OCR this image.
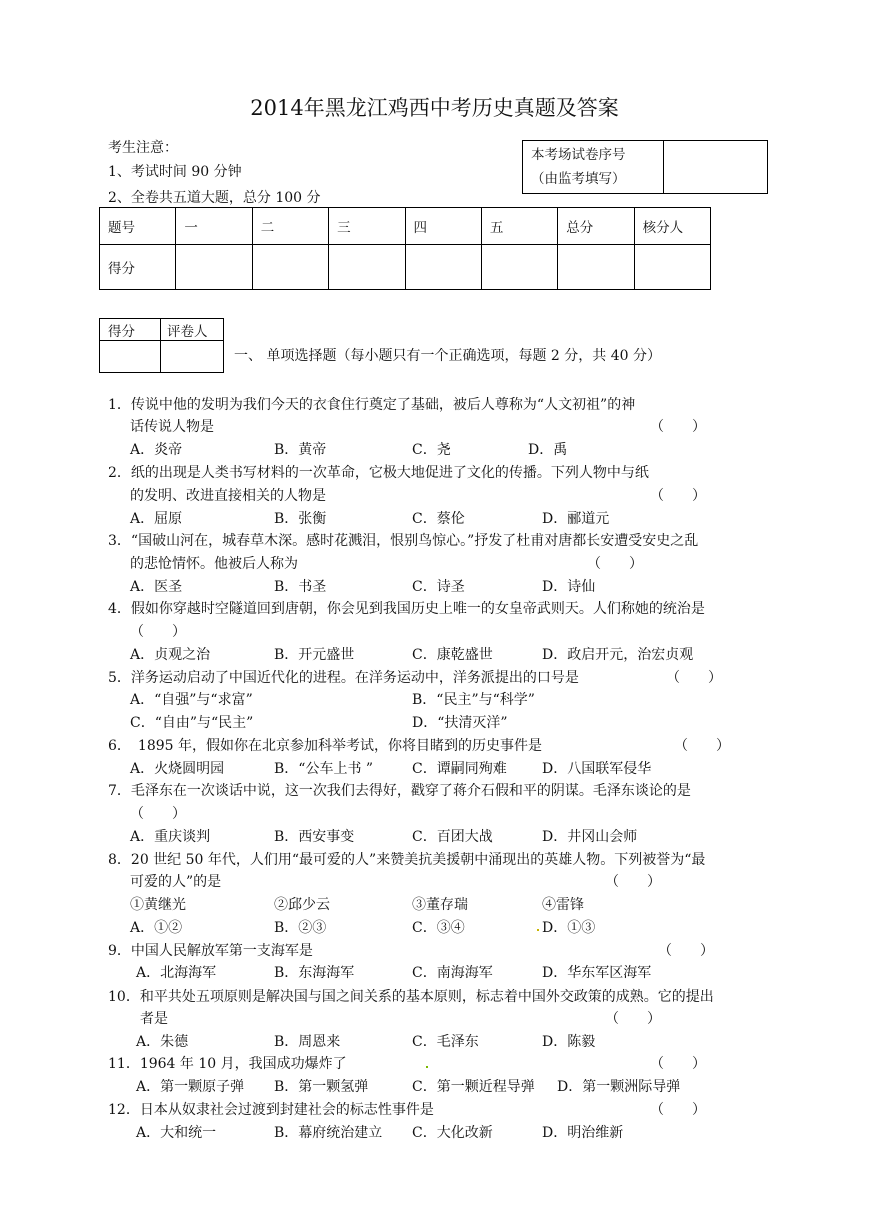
2014年黑龙江鸡西中考历史真题及答案
考生注意：
1、考试时间 90 分钟
2、全卷共五道大题，总分 100 分
本考场试卷序号
（由监考填写）

题号	一	二	三	四	五	总分	核分人
得分							
得分	评卷人

一、 单项选择题（每小题只有一个正确选项，每题 2 分，共 40 分）
1．传说中他的发明为我们今天的衣食住行奠定了基础，被后人尊称为“人文初祖”的神
话传说人物是	（　　）
A．炎帝	B．黄帝	C．尧	D．禹
2．纸的出现是人类书写材料的一次革命，它极大地促进了文化的传播。下列人物中与纸
的发明、改进直接相关的人物是	（　　）
A．屈原	B．张衡	C．蔡伦	D．郦道元
3．“国破山河在，城春草木深。感时花溅泪，恨别鸟惊心。”抒发了杜甫对唐都长安遭受安史之乱
的悲怆情怀。他被后人称为	（　　）
A．医圣	B．书圣	C．诗圣	D．诗仙
4．假如你穿越时空隧道回到唐朝，你会见到我国历史上唯一的女皇帝武则天。人们称她的统治是
（　　）
A．贞观之治	B．开元盛世	C．康乾盛世	D．政启开元，治宏贞观
5．洋务运动启动了中国近代化的进程。在洋务运动中，洋务派提出的口号是	（　　）
A．“自强”与“求富”	B．“民主”与“科学”
C．“自由”与“民主”	D．“扶清灭洋”
6．　1895 年，假如你在北京参加科举考试，你将目睹到的历史事件是	（　　）
A．火烧圆明园	B．“公车上书 ”	C．谭嗣同殉难	D．八国联军侵华
7．毛泽东在一次谈话中说，这一次我们去得好，戳穿了蒋介石假和平的阴谋。毛泽东谈论的是
（　　）
A．重庆谈判	B．西安事变	C．百团大战	D．井冈山会师
8．20 世纪 50 年代，人们用“最可爱的人”来赞美抗美援朝中涌现出的英雄人物。下列被誉为“最
可爱的人”的是	（　　）
①黄继光	②邱少云	③董存瑞	④雷锋
A．①②	B．②③	C．③④	D．①③
9．中国人民解放军第一支海军是	（　　）
A．北海海军	B．东海海军	C．南海海军	D．华东军区海军
10．和平共处五项原则是解决国与国之间关系的基本原则，标志着中国外交政策的成熟。它的提出
者是	（　　）
A．朱德	B．周恩来	C．毛泽东	D．陈毅
11．1964 年 10 月，我国成功爆炸了	（　　）
A．第一颗原子弹 B．第一颗氢弹	C．第一颗近程导弹 D．第一颗洲际导弹
12．日本从奴隶社会过渡到封建社会的标志性事件是	（　　）
A．大和统一	B．幕府统治建立 C．大化改新	D．明治维新
